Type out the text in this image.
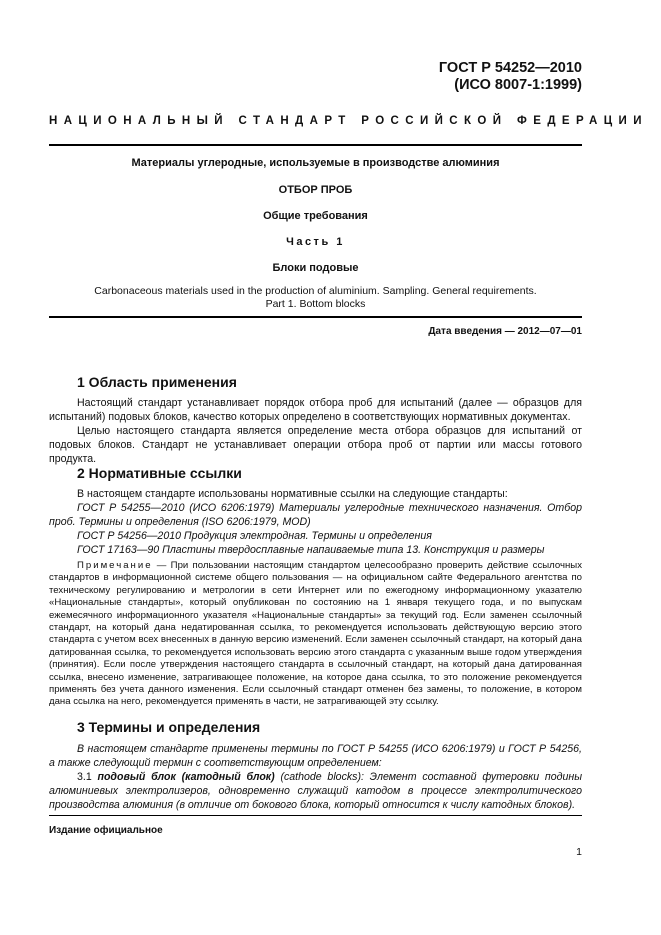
ГОСТ Р 54252—2010
(ИСО 8007-1:1999)
НАЦИОНАЛЬНЫЙ СТАНДАРТ РОССИЙСКОЙ ФЕДЕРАЦИИ
Материалы углеродные, используемые в производстве алюминия
ОТБОР ПРОБ
Общие требования
Часть 1
Блоки подовые
Carbonaceous materials used in the production of aluminium. Sampling. General requirements.
Part 1. Bottom blocks
Дата введения — 2012—07—01
1 Область применения

Настоящий стандарт устанавливает порядок отбора проб для испытаний (далее — образцов для испытаний) подовых блоков, качество которых определено в соответствующих нормативных документах.

Целью настоящего стандарта является определение места отбора образцов для испытаний от подовых блоков. Стандарт не устанавливает операции отбора проб от партии или массы готового продукта.

2 Нормативные ссылки

В настоящем стандарте использованы нормативные ссылки на следующие стандарты:

ГОСТ Р 54255—2010 (ИСО 6206:1979) Материалы углеродные технического назначения. Отбор проб. Термины и определения (ISO 6206:1979, MOD)

ГОСТ Р 54256—2010 Продукция электродная. Термины и определения

ГОСТ 17163—90 Пластины твердосплавные напаиваемые типа 13. Конструкция и размеры

Примечание — При пользовании настоящим стандартом целесообразно проверить действие ссылочных стандартов в информационной системе общего пользования — на официальном сайте Федерального агентства по техническому регулированию и метрологии в сети Интернет или по ежегодному информационному указателю «Национальные стандарты», который опубликован по состоянию на 1 января текущего года, и по выпускам ежемесячного информационного указателя «Национальные стандарты» за текущий год. Если заменен ссылочный стандарт, на который дана недатированная ссылка, то рекомендуется использовать действующую версию этого стандарта с учетом всех внесенных в данную версию изменений. Если заменен ссылочный стандарт, на который дана датированная ссылка, то рекомендуется использовать версию этого стандарта с указанным выше годом утверждения (принятия). Если после утверждения настоящего стандарта в ссылочный стандарт, на который дана датированная ссылка, внесено изменение, затрагивающее положение, на которое дана ссылка, то это положение рекомендуется применять без учета данного изменения. Если ссылочный стандарт отменен без замены, то положение, в котором дана ссылка на него, рекомендуется применять в части, не затрагивающей эту ссылку.

3 Термины и определения

В настоящем стандарте применены термины по ГОСТ Р 54255 (ИСО 6206:1979) и ГОСТ Р 54256, а также следующий термин с соответствующим определением:

3.1 подовый блок (катодный блок) (cathode blocks): Элемент составной футеровки подины алюминиевых электролизеров, одновременно служащий катодом в процессе электролитического производства алюминия (в отличие от бокового блока, который относится к числу катодных блоков).

Издание официальное
1
